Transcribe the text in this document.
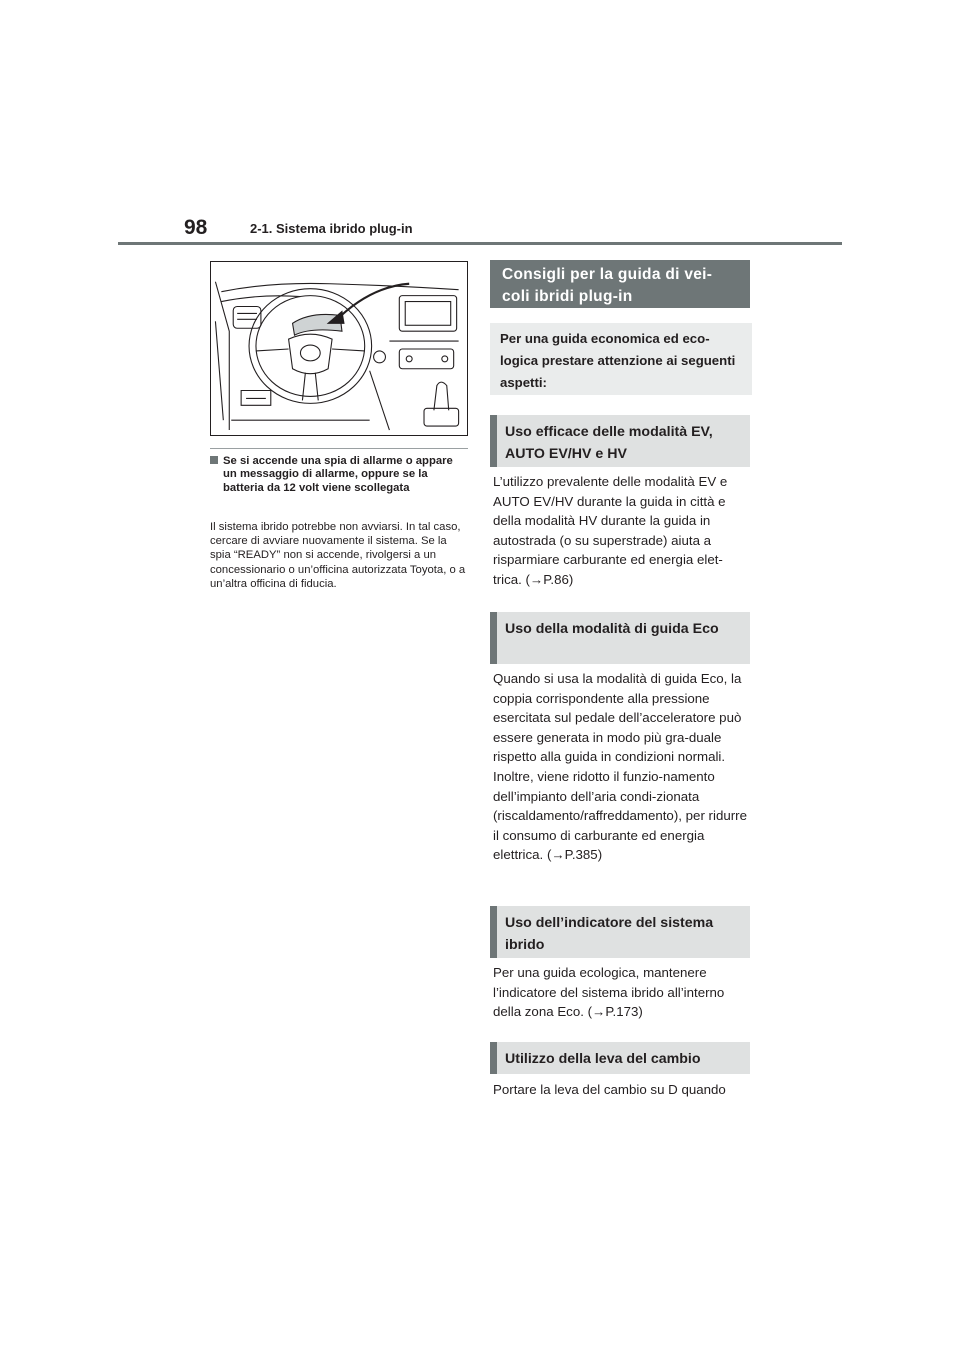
98	2-1. Sistema ibrido plug-in
Se si accende una spia di allarme o appare un messaggio di allarme, oppure se la batteria da 12 volt viene scollegata
Il sistema ibrido potrebbe non avviarsi. In tal caso, cercare di avviare nuovamente il sistema. Se la spia “READY” non si accende, rivolgersi a un concessionario o un’officina autorizzata Toyota, o a un’altra officina di fiducia.
Consigli per la guida di vei-coli ibridi plug-in
Per una guida economica ed eco-logica prestare attenzione ai seguenti aspetti:
Uso efficace delle modalità EV, AUTO EV/HV e HV
L’utilizzo prevalente delle modalità EV e AUTO EV/HV durante la guida in città e della modalità HV durante la guida in autostrada (o su superstrade) aiuta a risparmiare carburante ed energia elet-trica. (→P.86)
Uso della modalità di guida Eco
Quando si usa la modalità di guida Eco, la coppia corrispondente alla pressione esercitata sul pedale dell’acceleratore può essere generata in modo più gra-duale rispetto alla guida in condizioni normali. Inoltre, viene ridotto il funzio-namento dell’impianto dell’aria condi-zionata (riscaldamento/raffreddamento), per ridurre il consumo di carburante ed energia elettrica. (→P.385)
Uso dell’indicatore del sistema ibrido
Per una guida ecologica, mantenere l’indicatore del sistema ibrido all’interno della zona Eco. (→P.173)
Utilizzo della leva del cambio
Portare la leva del cambio su D quando
